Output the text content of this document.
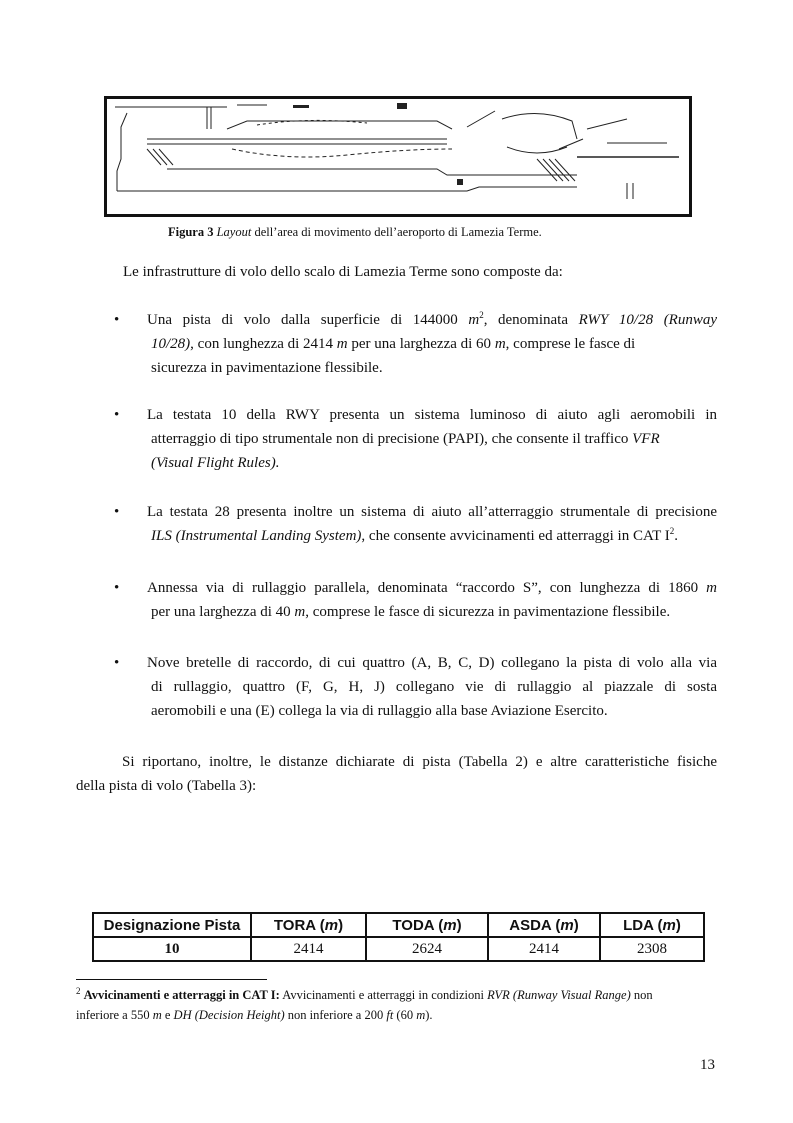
Figura 3 Layout dell’area di movimento dell’aeroporto di Lamezia Terme.
Le infrastrutture di volo dello scalo di Lamezia Terme sono composte da:
• Una pista di volo dalla superficie di 144000 $m^2$, denominata RWY 10/28 (Runway
10/28), con lunghezza di 2414 m per una larghezza di 60 m, comprese le fasce di
sicurezza in pavimentazione flessibile.
• La testata 10 della RWY presenta un sistema luminoso di aiuto agli aeromobili in
atterraggio di tipo strumentale non di precisione (PAPI), che consente il traffico VFR
(Visual Flight Rules).
• La testata 28 presenta inoltre un sistema di aiuto all’atterraggio strumentale di precisione
ILS (Instrumental Landing System), che consente avvicinamenti ed atterraggi in CAT $I^2$.
• Annessa via di rullaggio parallela, denominata “raccordo S”, con lunghezza di 1860 m
per una larghezza di 40 m, comprese le fasce di sicurezza in pavimentazione flessibile.
• Nove bretelle di raccordo, di cui quattro (A, B, C, D) collegano la pista di volo alla via
di rullaggio, quattro (F, G, H, J) collegano vie di rullaggio al piazzale di sosta
aeromobili e una (E) collega la via di rullaggio alla base Aviazione Esercito.
Si riportano, inoltre, le distanze dichiarate di pista (Tabella 2) e altre caratteristiche fisiche
della pista di volo (Tabella 3):
Designazione Pista	TORA (m)	TODA (m)	ASDA (m)	LDA (m)
10	2414	2624	2414	2308
$^2$ Avvicinamenti e atterraggi in CAT I: Avvicinamenti e atterraggi in condizioni RVR (Runway Visual Range) non
inferiore a 550 m e DH (Decision Height) non inferiore a 200 ft (60 m).
13
